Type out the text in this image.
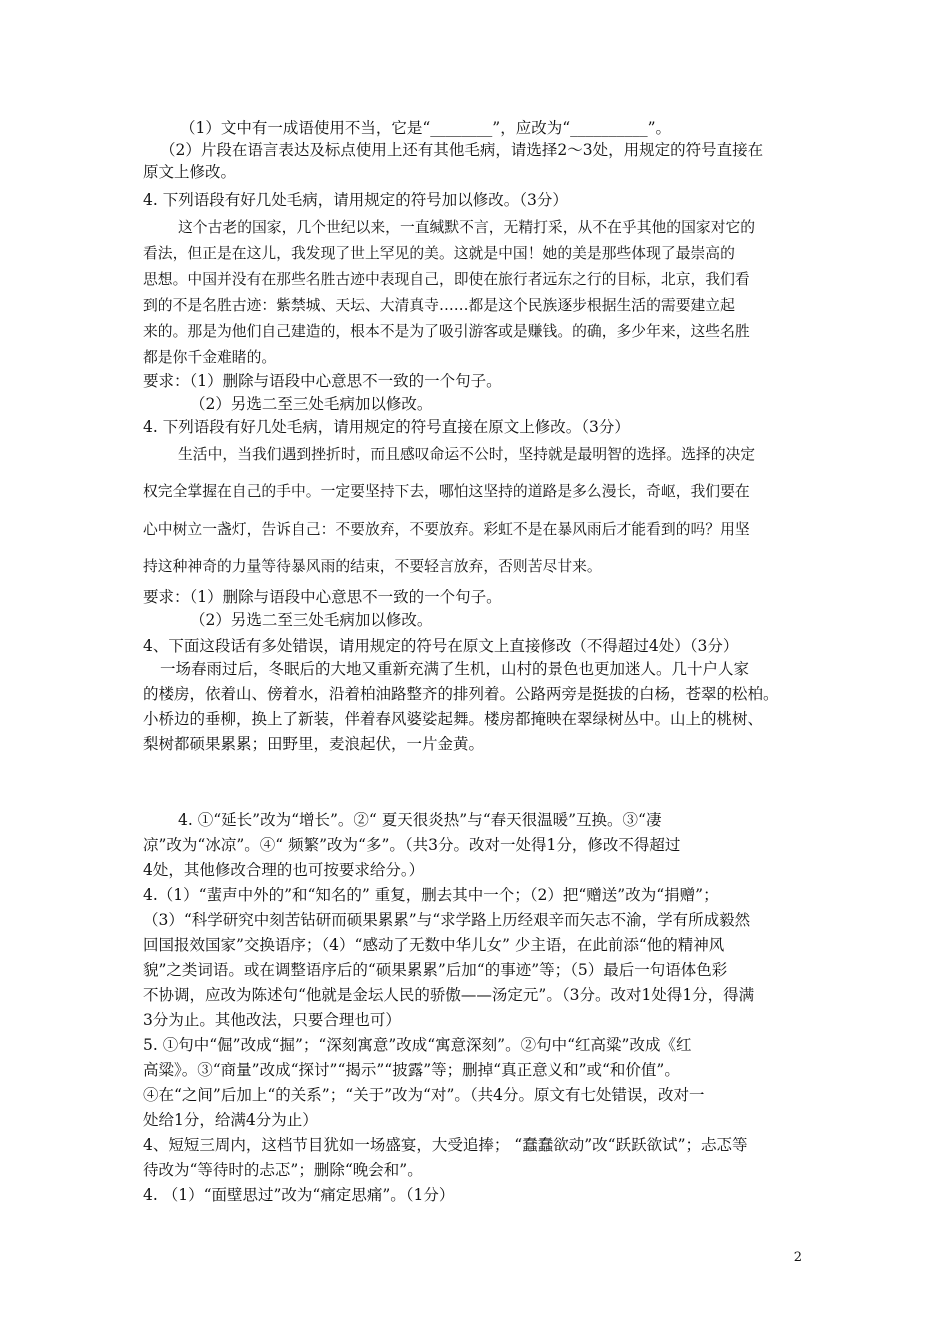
（1）文中有一成语使用不当，它是“________”，应改为“__________”。
（2）片段在语言表达及标点使用上还有其他毛病，请选择2～3处，用规定的符号直接在
原文上修改。
4. 下列语段有好几处毛病，请用规定的符号加以修改。（3分）
这个古老的国家，几个世纪以来，一直缄默不言，无精打采，从不在乎其他的国家对它的
看法，但正是在这儿，我发现了世上罕见的美。这就是中国！她的美是那些体现了最崇高的
思想。中国并没有在那些名胜古迹中表现自己，即使在旅行者远东之行的目标，北京，我们看
到的不是名胜古迹：紫禁城、天坛、大清真寺……都是这个民族逐步根据生活的需要建立起
来的。那是为他们自己建造的，根本不是为了吸引游客或是赚钱。的确，多少年来，这些名胜
都是你千金难睹的。
要求：（1）删除与语段中心意思不一致的一个句子。
（2）另选二至三处毛病加以修改。
4. 下列语段有好几处毛病，请用规定的符号直接在原文上修改。（3分）
生活中，当我们遇到挫折时，而且感叹命运不公时，坚持就是最明智的选择。选择的决定
权完全掌握在自己的手中。一定要坚持下去，哪怕这坚持的道路是多么漫长，奇岖，我们要在
心中树立一盏灯，告诉自己：不要放弃，不要放弃。彩虹不是在暴风雨后才能看到的吗？用坚
持这种神奇的力量等待暴风雨的结束，不要轻言放弃，否则苦尽甘来。
要求：（1）删除与语段中心意思不一致的一个句子。
（2）另选二至三处毛病加以修改。
4、下面这段话有多处错误，请用规定的符号在原文上直接修改（不得超过4处）（3分）
一场春雨过后，冬眠后的大地又重新充满了生机，山村的景色也更加迷人。几十户人家
的楼房，依着山、傍着水，沿着柏油路整齐的排列着。公路两旁是挺拔的白杨，苍翠的松柏。
小桥边的垂柳，换上了新装，伴着春风婆娑起舞。楼房都掩映在翠绿树丛中。山上的桃树、
梨树都硕果累累；田野里，麦浪起伏，一片金黄。
4. ①“延长”改为“增长”。②“ 夏天很炎热”与“春天很温暖”互换。③“凄
凉”改为“冰凉”。④“ 频繁”改为“多”。（共3分。改对一处得1分，修改不得超过
4处，其他修改合理的也可按要求给分。）
4.（1）“蜚声中外的”和“知名的” 重复，删去其中一个；（2）把“赠送”改为“捐赠”；
（3）“科学研究中刻苦钻研而硕果累累”与“求学路上历经艰辛而矢志不渝，学有所成毅然
回国报效国家”交换语序；（4）“感动了无数中华儿女” 少主语，在此前添“他的精神风
貌”之类词语。或在调整语序后的“硕果累累”后加“的事迹”等；（5）最后一句语体色彩
不协调，应改为陈述句“他就是金坛人民的骄傲——汤定元”。（3分。改对1处得1分，得满
3分为止。其他改法，只要合理也可）
5. ①句中“倔”改成“掘”；“深刻寓意”改成“寓意深刻”。②句中“红高粱”改成《红
高粱》。③“商量”改成“探讨”“揭示”“披露”等；删掉“真正意义和”或“和价值”。
④在“之间”后加上“的关系”；“关于”改为“对”。（共4分。原文有七处错误，改对一
处给1分，给满4分为止）
4、短短三周内，这档节目犹如一场盛宴，大受追捧； “蠢蠢欲动”改“跃跃欲试”；忐忑等
待改为“等待时的忐忑”；删除“晚会和”。
4. （1）“面壁思过”改为“痛定思痛”。（1分）
2
